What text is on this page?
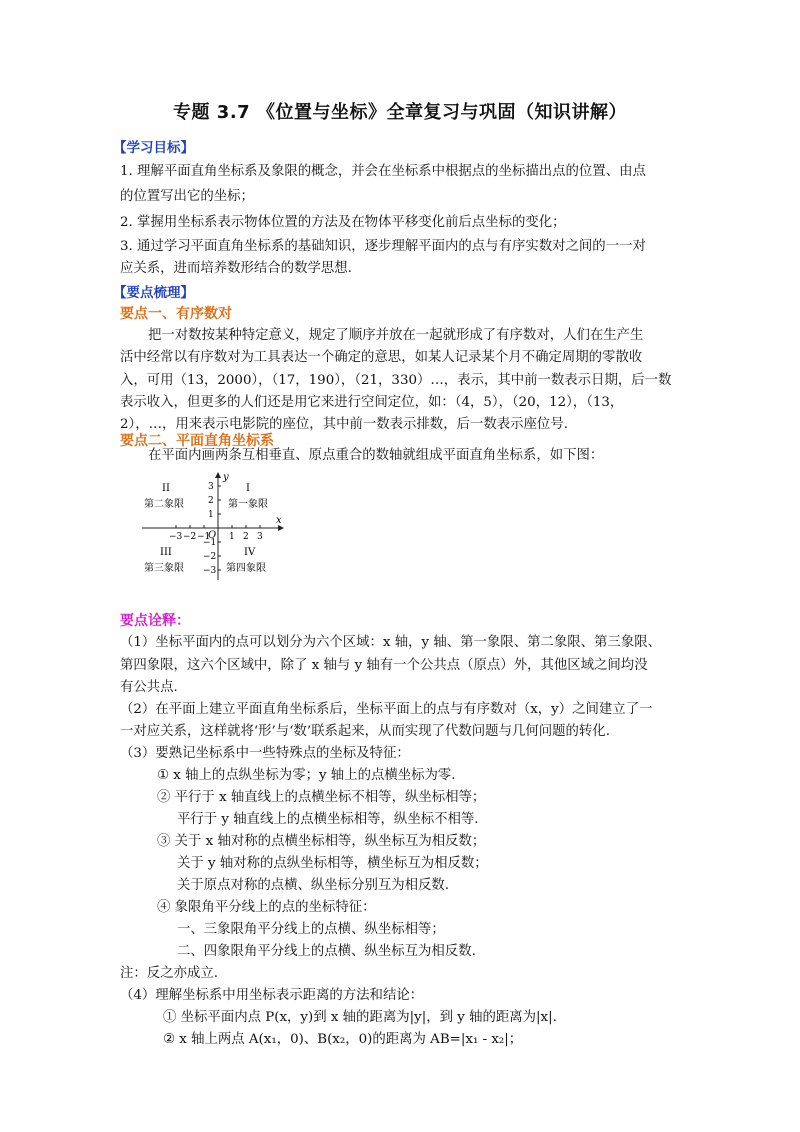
专题 3.7 《位置与坐标》全章复习与巩固（知识讲解）
【学习目标】
1. 理解平面直角坐标系及象限的概念，并会在坐标系中根据点的坐标描出点的位置、由点
的位置写出它的坐标；
2. 掌握用坐标系表示物体位置的方法及在物体平移变化前后点坐标的变化；
3. 通过学习平面直角坐标系的基础知识，逐步理解平面内的点与有序实数对之间的一一对
应关系，进而培养数形结合的数学思想.
【要点梳理】
要点一、有序数对
把一对数按某种特定意义，规定了顺序并放在一起就形成了有序数对，人们在生产生
活中经常以有序数对为工具表达一个确定的意思，如某人记录某个月不确定周期的零散收
入，可用（13，2000），（17，190），（21，330）…，表示，其中前一数表示日期，后一数
表示收入，但更多的人们还是用它来进行空间定位，如：（4，5），（20，12），（13，
2），…，用来表示电影院的座位，其中前一数表示排数，后一数表示座位号.
要点二、平面直角坐标系
在平面内画两条互相垂直、原点重合的数轴就组成平面直角坐标系，如下图：
x
y
O 1 2 3
−3 −2 −1
1
2
3
−1
−2
−3
I
第一象限
II
第二象限
III
第三象限
IV
第四象限
要点诠释：
（1）坐标平面内的点可以划分为六个区域：x 轴，y 轴、第一象限、第二象限、第三象限、
第四象限，这六个区域中，除了 x 轴与 y 轴有一个公共点（原点）外，其他区域之间均没
有公共点.
（2）在平面上建立平面直角坐标系后，坐标平面上的点与有序数对（x，y）之间建立了一
一对应关系，这样就将‘形’与‘数’联系起来，从而实现了代数问题与几何问题的转化.
（3）要熟记坐标系中一些特殊点的坐标及特征：
① x 轴上的点纵坐标为零；y 轴上的点横坐标为零.
② 平行于 x 轴直线上的点横坐标不相等，纵坐标相等；
平行于 y 轴直线上的点横坐标相等，纵坐标不相等.
③ 关于 x 轴对称的点横坐标相等，纵坐标互为相反数；
关于 y 轴对称的点纵坐标相等，横坐标互为相反数；
关于原点对称的点横、纵坐标分别互为相反数.
④ 象限角平分线上的点的坐标特征：
一、三象限角平分线上的点横、纵坐标相等；
二、四象限角平分线上的点横、纵坐标互为相反数.
注：反之亦成立.
（4）理解坐标系中用坐标表示距离的方法和结论：
① 坐标平面内点 P(x，y)到 x 轴的距离为|y|，到 y 轴的距离为|x|.
② x 轴上两点 A(x₁，0)、B(x₂，0)的距离为 AB=|x₁ - x₂|；
